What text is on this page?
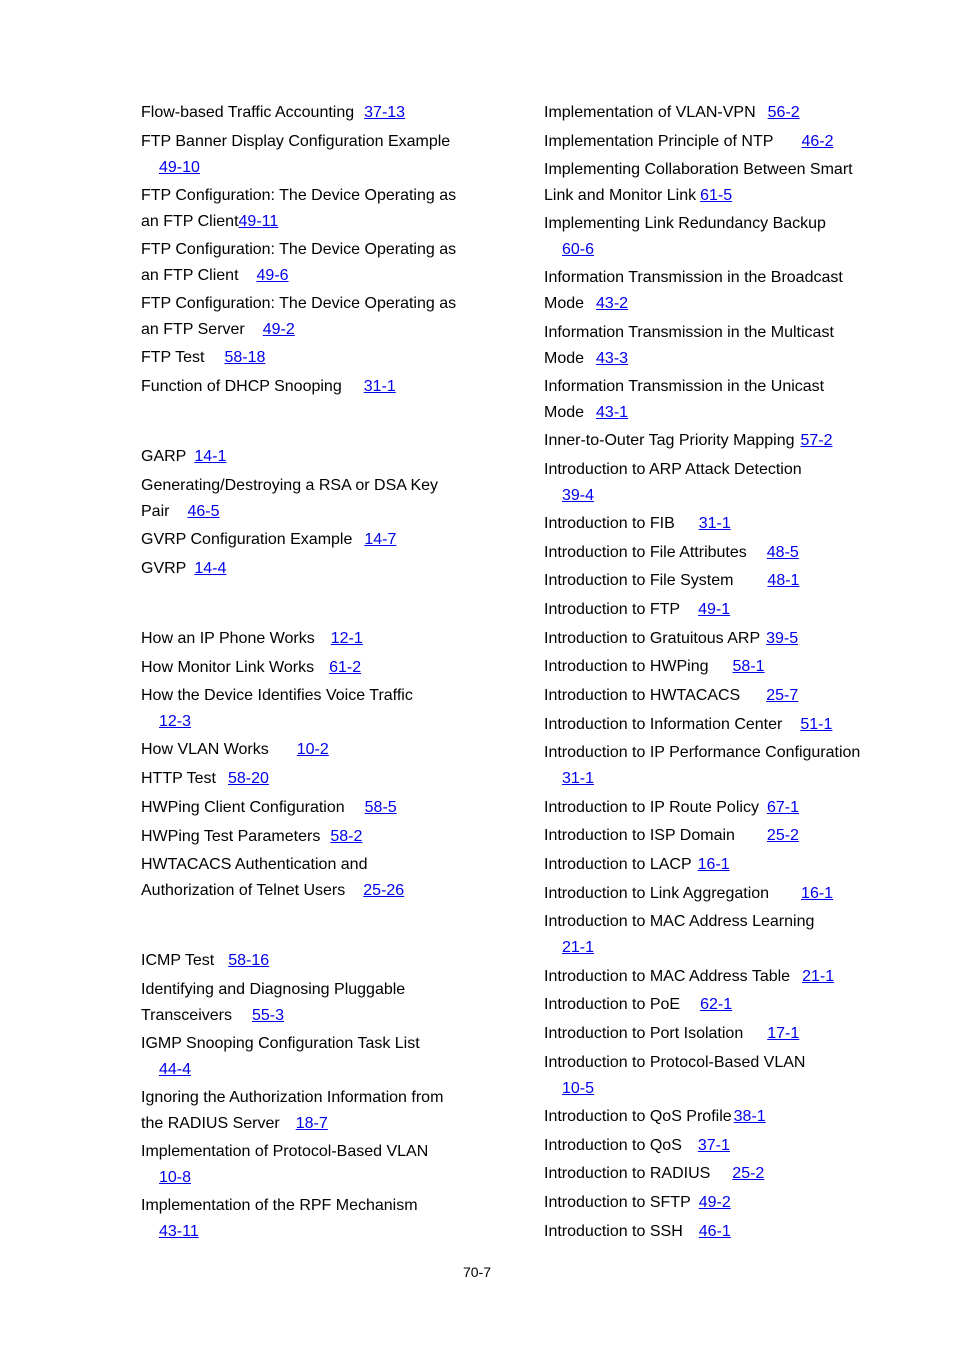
Flow-based Traffic Accounting 37-13
FTP Banner Display Configuration Example
49-10
FTP Configuration: The Device Operating as
an FTP Client49-11
FTP Configuration: The Device Operating as
an FTP Client 49-6
FTP Configuration: The Device Operating as
an FTP Server 49-2
FTP Test 58-18
Function of DHCP Snooping 31-1
GARP 14-1
Generating/Destroying a RSA or DSA Key
Pair 46-5
GVRP Configuration Example 14-7
GVRP 14-4
How an IP Phone Works 12-1
How Monitor Link Works 61-2
How the Device Identifies Voice Traffic
12-3
How VLAN Works 10-2
HTTP Test 58-20
HWPing Client Configuration 58-5
HWPing Test Parameters 58-2
HWTACACS Authentication and
Authorization of Telnet Users 25-26
ICMP Test 58-16
Identifying and Diagnosing Pluggable
Transceivers 55-3
IGMP Snooping Configuration Task List
44-4
Ignoring the Authorization Information from
the RADIUS Server 18-7
Implementation of Protocol-Based VLAN
10-8
Implementation of the RPF Mechanism
43-11
Implementation of VLAN-VPN 56-2
Implementation Principle of NTP 46-2
Implementing Collaboration Between Smart
Link and Monitor Link 61-5
Implementing Link Redundancy Backup
60-6
Information Transmission in the Broadcast
Mode 43-2
Information Transmission in the Multicast
Mode 43-3
Information Transmission in the Unicast
Mode 43-1
Inner-to-Outer Tag Priority Mapping 57-2
Introduction to ARP Attack Detection
39-4
Introduction to FIB 31-1
Introduction to File Attributes 48-5
Introduction to File System 48-1
Introduction to FTP 49-1
Introduction to Gratuitous ARP 39-5
Introduction to HWPing 58-1
Introduction to HWTACACS 25-7
Introduction to Information Center 51-1
Introduction to IP Performance Configuration
31-1
Introduction to IP Route Policy 67-1
Introduction to ISP Domain 25-2
Introduction to LACP 16-1
Introduction to Link Aggregation 16-1
Introduction to MAC Address Learning
21-1
Introduction to MAC Address Table 21-1
Introduction to PoE 62-1
Introduction to Port Isolation 17-1
Introduction to Protocol-Based VLAN
10-5
Introduction to QoS Profile 38-1
Introduction to QoS 37-1
Introduction to RADIUS 25-2
Introduction to SFTP 49-2
Introduction to SSH 46-1
70-7
